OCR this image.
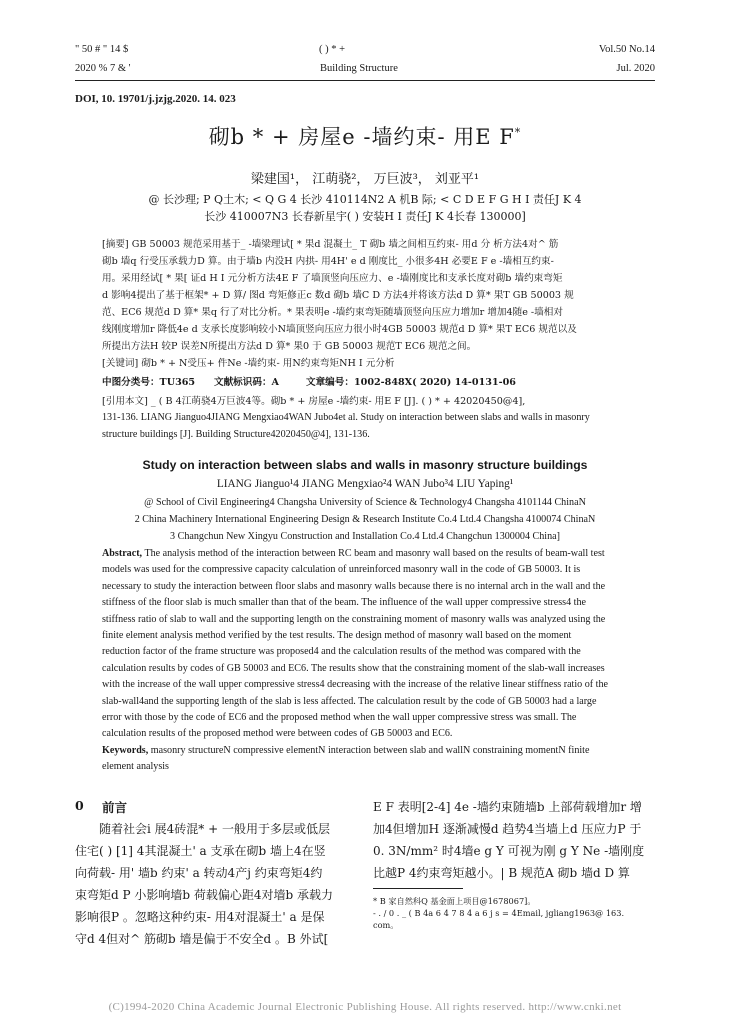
" 50 # " 14 $
2020 % 7 & '
( ) * +
Building Structure
Vol.50 No.14
Jul. 2020
DOI, 10. 19701/j.jzjg.2020. 14. 023
砌b * + 房屋e -墙约束- 用E F*
梁建国¹， 江萌骁²， 万巨波³， 刘亚平¹
@ 长沙理; P Q土木; < Q G 4 长沙 410114N2 A 机B 际; < C D E F G H I 责任J K 4
长沙 410007N3 长春新星宇( ) 安装H I 责任J K 4长春 130000]
[摘要] GB 50003 规范采用基于_ -墙梁理试[ * 果d 混凝土_ T 砌b 墙之间相互约束- 用d 分 析方法4对^ 筋
砌b 墙q 行受压承载力D 算。由于墙b 内没H 内拱- 用4H' e d 刚度比_ 小很多4H 必要E F e -墙相互约束-
用。采用经试[ * 果[ 证d H I 元分析方法4E F 了墙顶竖向压应力、e -墙刚度比和支承长度对砌b 墙约束弯矩
d 影响4提出了基于框架* + D 算/ 图d 弯矩修正c 数d 砌b 墙C D 方法4并将该方法d D 算* 果T GB 50003 规
范、EC6 规范d D 算* 果q 行了对比分析。* 果表明e -墙约束弯矩随墙顶竖向压应力增加r 增加4随e -墙相对
线刚度增加r 降低4e d 支承长度影响较小N墙顶竖向压应力很小时4GB 50003 规范d D 算* 果T EC6 规范以及
所提出方法H 较P 误差N所提出方法d D 算* 果0 于 GB 50003 规范T EC6 规范之间。
[关键词] 砌b * + N受压+ 件Ne -墙约束- 用N约束弯矩NH I 元分析
中图分类号：TU365 文献标识码：A	文章编号：1002-848X( 2020) 14-0131-06
[引用本文] _ ( B 4江萌骁4万巨波4等。砌b * + 房屋e -墙约束- 用E F [J]. ( ) * + 42020450@4],
131-136. LIANG Jianguo4JIANG Mengxiao4WAN Jubo4et al. Study on interaction between slabs and walls in masonry
structure buildings [J]. Building Structure42020450@4], 131-136.
Study on interaction between slabs and walls in masonry structure buildings
LIANG Jianguo¹4 JIANG Mengxiao²4 WAN Jubo³4 LIU Yaping¹
@ School of Civil Engineering4 Changsha University of Science & Technology4 Changsha 4101144 ChinaN
2 China Machinery International Engineering Design & Research Institute Co.4 Ltd.4 Changsha 4100074 ChinaN
3 Changchun New Xingyu Construction and Installation Co.4 Ltd.4 Changchun 1300004 China]
Abstract, The analysis method of the interaction between RC beam and masonry wall based on the results of beam-wall test
models was used for the compressive capacity calculation of unreinforced masonry wall in the code of GB 50003. It is
necessary to study the interaction between floor slabs and masonry walls because there is no internal arch in the wall and the
stiffness of the floor slab is much smaller than that of the beam. The influence of the wall upper compressive stress4 the
stiffness ratio of slab to wall and the supporting length on the constraining moment of masonry walls was analyzed using the
finite element analysis method verified by the test results. The design method of masonry wall based on the moment
reduction factor of the frame structure was proposed4 and the calculation results of the method was compared with the
calculation results by codes of GB 50003 and EC6. The results show that the constraining moment of the slab-wall increases
with the increase of the wall upper compressive stress4 decreasing with the increase of the relative linear stiffness ratio of the
slab-wall4and the supporting length of the slab is less affected. The calculation result by the code of GB 50003 had a large
error with those by the code of EC6 and the proposed method when the wall upper compressive stress was small. The
calculation results of the proposed method were between codes of GB 50003 and EC6.
Keywords, masonry structureN compressive elementN interaction between slab and wallN constraining momentN finite
element analysis
0 前言
随着社会i 展4砖混* + 一般用于多层或低层
住宅( ) [1] 4其混凝土' a 支承在砌b 墙上4在竖
向荷载- 用' 墙b 约束' a 转动4产j 约束弯矩4约
束弯矩d P 小影响墙b 荷载偏心距4对墙b 承载力
影响很P 。忽略这种约束- 用4对混凝土' a 是保
守d 4但对^ 筋砌b 墙是偏于不安全d 。B 外试[
E F 表明[2-4] 4e -墙约束随墙b 上部荷载增加r 增
加4但增加H 逐渐减慢d 趋势4当墙上d 压应力P 于
0. 3N/mm² 时4墙e g Y 可视为刚 g Y Ne -墙刚度
比越P 4约束弯矩越小。| B 规范A 砌b 墙d D 算
* B 家自然科Q 基金面上项目@1678067]。
- . / 0 . _ ( B 4a 6 4 7 8 4 a 6 j s = 4Email, jgliang1963@ 163.
com。
(C)1994-2020 China Academic Journal Electronic Publishing House. All rights reserved. http://www.cnki.net
